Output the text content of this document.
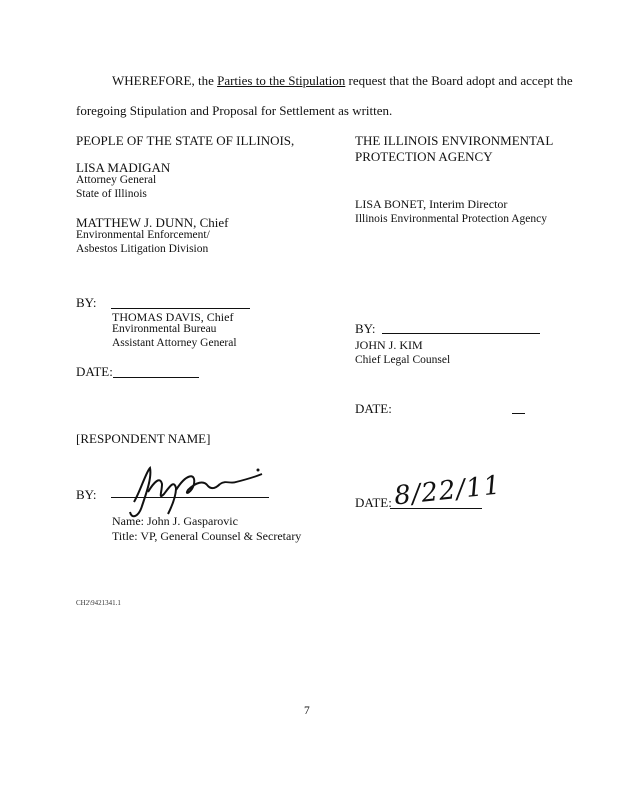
WHEREFORE, the Parties to the Stipulation request that the Board adopt and accept the
foregoing Stipulation and Proposal for Settlement as written.
PEOPLE OF THE STATE OF ILLINOIS,
LISA MADIGAN
Attorney General
State of Illinois
MATTHEW J. DUNN, Chief
Environmental Enforcement/
Asbestos Litigation Division
BY:
THOMAS DAVIS, Chief
Environmental Bureau
Assistant Attorney General
DATE:
THE ILLINOIS ENVIRONMENTAL
PROTECTION AGENCY
LISA BONET, Interim Director
Illinois Environmental Protection Agency
BY:
JOHN J. KIM
Chief Legal Counsel
DATE:
[RESPONDENT NAME]
BY:
Name: John J. Gasparovic
Title: VP, General Counsel & Secretary
DATE: 8/22/11
CH2\9421341.1
7
